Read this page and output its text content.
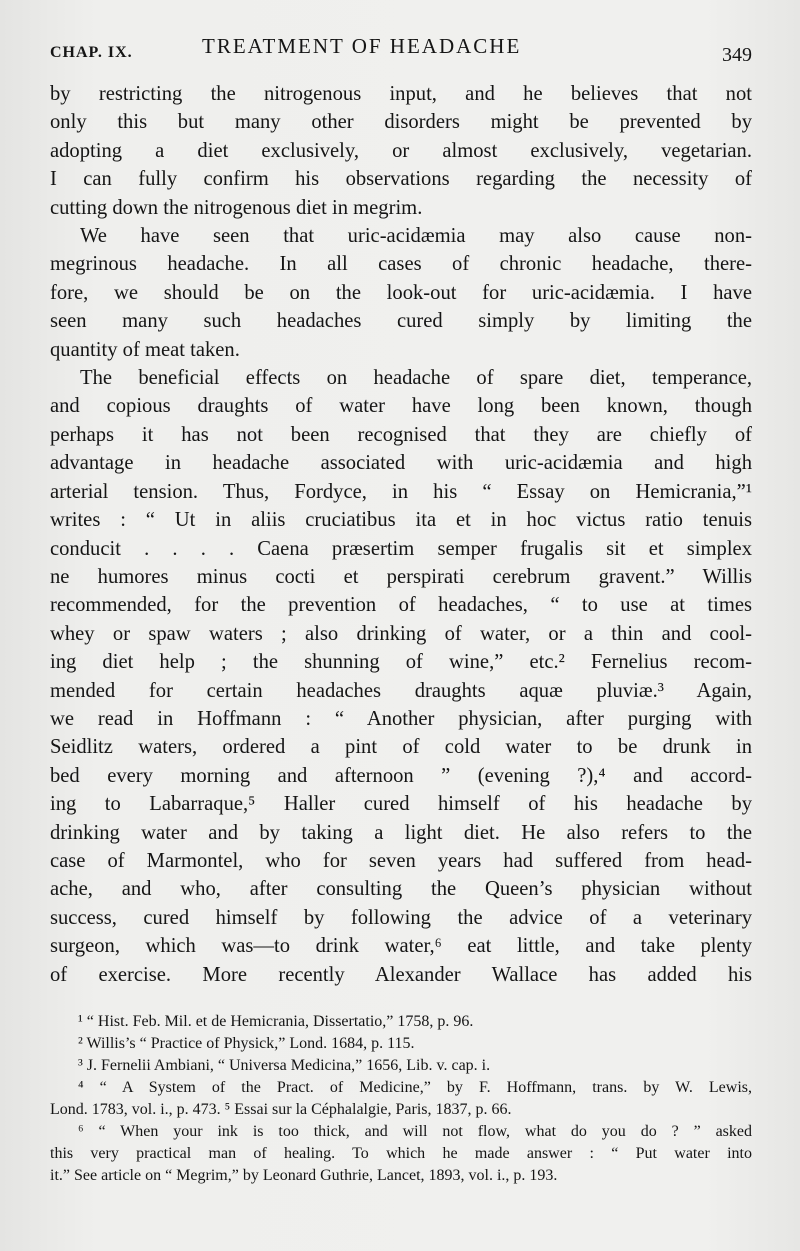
CHAP. IX.	TREATMENT OF HEADACHE	349

by restricting the nitrogenous input, and he believes that not
only this but many other disorders might be prevented by
adopting a diet exclusively, or almost exclusively, vegetarian.
I can fully confirm his observations regarding the necessity of
cutting down the nitrogenous diet in megrim.

We have seen that uric-acidæmia may also cause non-
megrinous headache. In all cases of chronic headache, there-
fore, we should be on the look-out for uric-acidæmia. I have
seen many such headaches cured simply by limiting the
quantity of meat taken.

The beneficial effects on headache of spare diet, temperance,
and copious draughts of water have long been known, though
perhaps it has not been recognised that they are chiefly of
advantage in headache associated with uric-acidæmia and high
arterial tension. Thus, Fordyce, in his “ Essay on Hemicrania,”¹
writes : “ Ut in aliis cruciatibus ita et in hoc victus ratio tenuis
conducit . . . . Caena præsertim semper frugalis sit et simplex
ne humores minus cocti et perspirati cerebrum gravent.” Willis
recommended, for the prevention of headaches, “ to use at times
whey or spaw waters ; also drinking of water, or a thin and cool-
ing diet help ; the shunning of wine,” etc.² Fernelius recom-
mended for certain headaches draughts aquæ pluviæ.³ Again,
we read in Hoffmann : “ Another physician, after purging with
Seidlitz waters, ordered a pint of cold water to be drunk in
bed every morning and afternoon ” (evening ?),⁴ and accord-
ing to Labarraque,⁵ Haller cured himself of his headache by
drinking water and by taking a light diet. He also refers to the
case of Marmontel, who for seven years had suffered from head-
ache, and who, after consulting the Queen’s physician without
success, cured himself by following the advice of a veterinary
surgeon, which was—to drink water,⁶ eat little, and take plenty
of exercise. More recently Alexander Wallace has added his

¹ “ Hist. Feb. Mil. et de Hemicrania, Dissertatio,” 1758, p. 96.
² Willis’s “ Practice of Physick,” Lond. 1684, p. 115.
³ J. Fernelii Ambiani, “ Universa Medicina,” 1656, Lib. v. cap. i.
⁴ “ A System of the Pract. of Medicine,” by F. Hoffmann, trans. by W. Lewis,
Lond. 1783, vol. i., p. 473. ⁵ Essai sur la Céphalalgie, Paris, 1837, p. 66.
⁶ “ When your ink is too thick, and will not flow, what do you do ? ” asked
this very practical man of healing. To which he made answer : “ Put water into
it.” See article on “ Megrim,” by Leonard Guthrie, Lancet, 1893, vol. i., p. 193.
